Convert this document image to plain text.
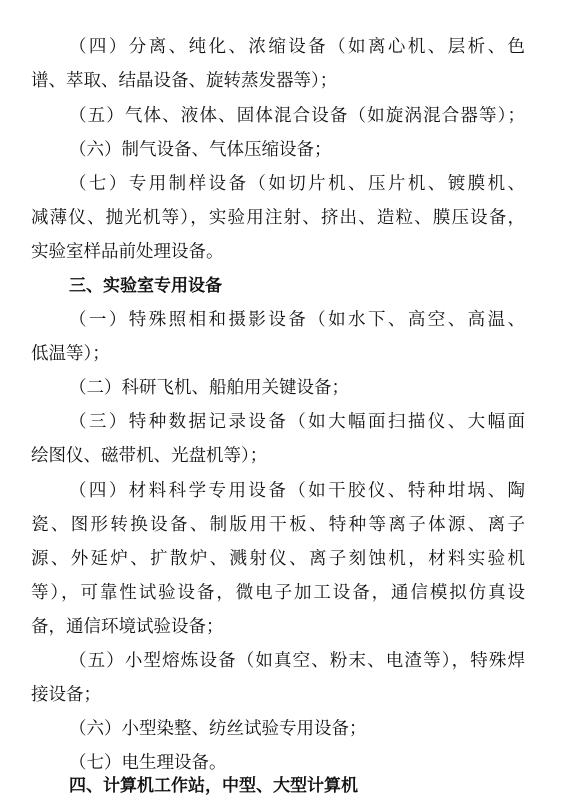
（四）分离、纯化、浓缩设备（如离心机、层析、色
谱、萃取、结晶设备、旋转蒸发器等）；
（五）气体、液体、固体混合设备（如旋涡混合器等）；
（六）制气设备、气体压缩设备；
（七）专用制样设备（如切片机、压片机、镀膜机、
减薄仪、抛光机等），实验用注射、挤出、造粒、膜压设备，
实验室样品前处理设备。
三、实验室专用设备
（一）特殊照相和摄影设备（如水下、高空、高温、
低温等）；
（二）科研飞机、船舶用关键设备；
（三）特种数据记录设备（如大幅面扫描仪、大幅面
绘图仪、磁带机、光盘机等）；
（四）材料科学专用设备（如干胶仪、特种坩埚、陶
瓷、图形转换设备、制版用干板、特种等离子体源、离子
源、外延炉、扩散炉、溅射仪、离子刻蚀机，材料实验机
等），可靠性试验设备，微电子加工设备，通信模拟仿真设
备，通信环境试验设备；
（五）小型熔炼设备（如真空、粉末、电渣等），特殊焊
接设备；
（六）小型染整、纺丝试验专用设备；
（七）电生理设备。
四、计算机工作站，中型、大型计算机
